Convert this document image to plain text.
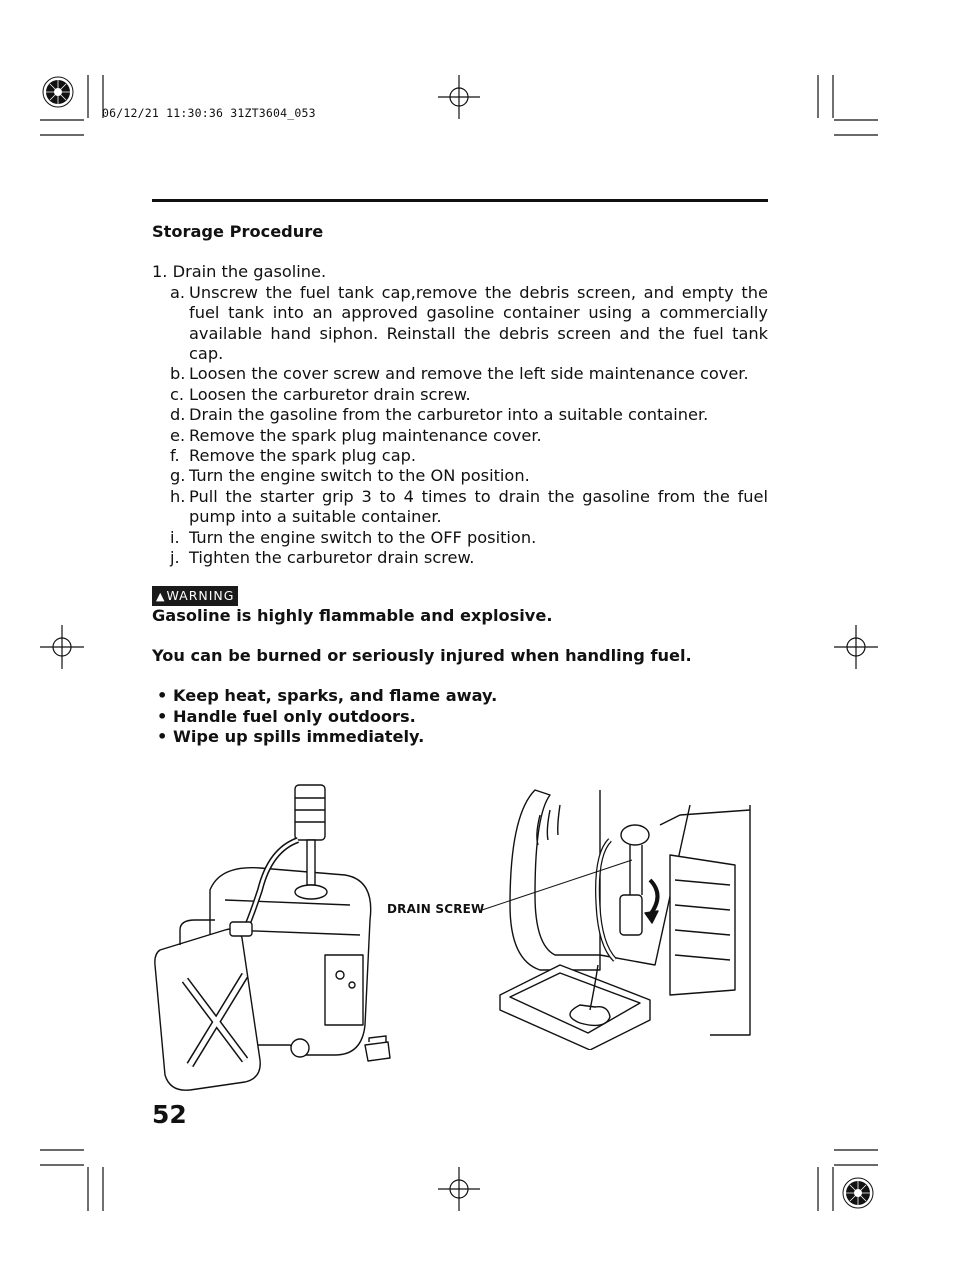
06/12/21 11:30:36 31ZT3604_053
Storage Procedure
1. Drain the gasoline.
a. Unscrew the fuel tank cap,remove the debris screen, and empty the fuel tank into an approved gasoline container using a commercially available hand siphon. Reinstall the debris screen and the fuel tank cap.
b. Loosen the cover screw and remove the left side maintenance cover.
c. Loosen the carburetor drain screw.
d. Drain the gasoline from the carburetor into a suitable container.
e. Remove the spark plug maintenance cover.
f. Remove the spark plug cap.
g. Turn the engine switch to the ON position.
h. Pull the starter grip 3 to 4 times to drain the gasoline from the fuel pump into a suitable container.
i. Turn the engine switch to the OFF position.
j. Tighten the carburetor drain screw.
▲WARNING
Gasoline is highly flammable and explosive.
You can be burned or seriously injured when handling fuel.
• Keep heat, sparks, and flame away.
• Handle fuel only outdoors.
• Wipe up spills immediately.
DRAIN SCREW
52
